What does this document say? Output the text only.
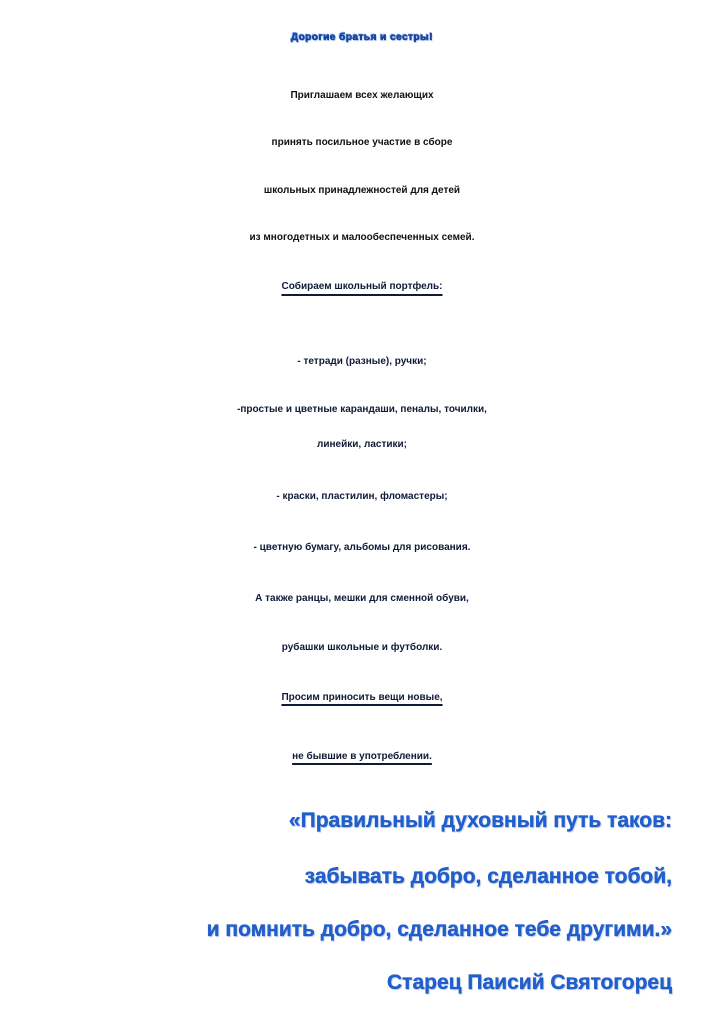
Дорогие братья и сестры!
Приглашаем всех желающих
принять посильное участие в сборе
школьных принадлежностей для детей
из многодетных и малообеспеченных семей.
Собираем школьный портфель:
- тетради (разные), ручки;
-простые и цветные карандаши, пеналы, точилки,
линейки, ластики;
- краски, пластилин, фломастеры;
- цветную бумагу, альбомы для рисования.
А также ранцы, мешки для сменной обуви,
рубашки школьные и футболки.
Просим приносить вещи новые,
не бывшие в употреблении.
«Правильный духовный путь таков:
забывать добро, сделанное тобой,
и помнить добро, сделанное тебе другими.»
Старец Паисий Святогорец
